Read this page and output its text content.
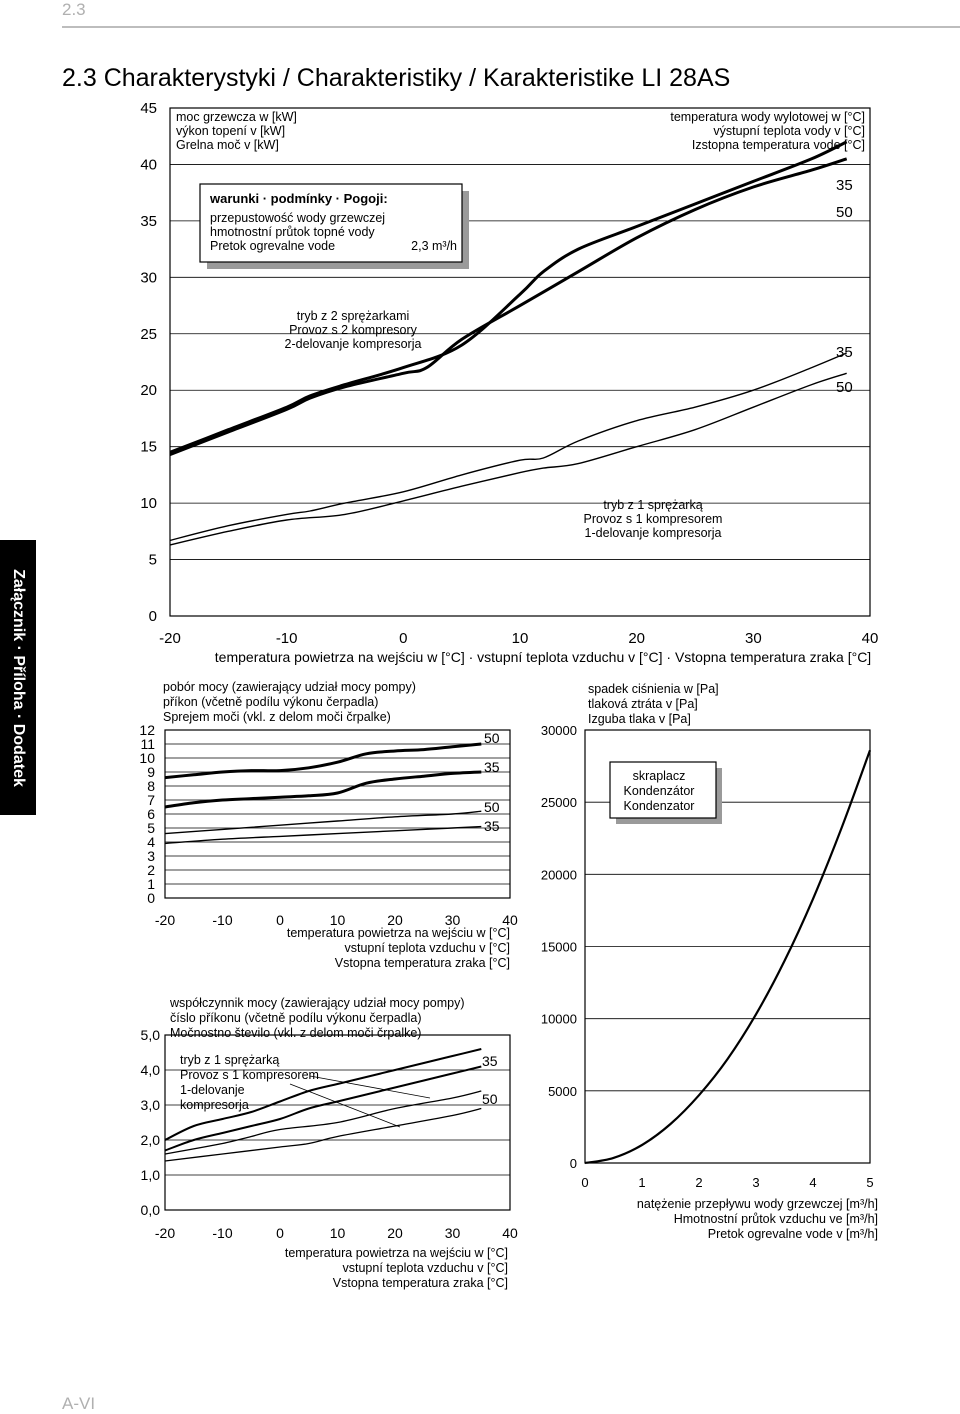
2.3
2.3 Charakterystyki / Charakteristiky / Karakteristike LI 28AS
Załącznik · Příloha · Dodatek
A-VI
0
5
10
15
20
25
30
35
40
45
-20	-10	0	10	20	30	40
35
50
35
50
moc grzewcza w [kW]
výkon topení v [kW]
Grelna moč v [kW]
temperatura wody wylotowej w [°C]
výstupní teplota vody v [°C]
Izstopna temperatura vode [°C]
temperatura powietrza na wejściu w [°C] · vstupní teplota vzduchu v [°C] · Vstopna temperatura zraka [°C]
warunki · podmínky · Pogoji:
przepustowość wody grzewczej
hmotnostní průtok topné vody
Pretok ogrevalne vode	2,3 m³/h
tryb z 2 sprężarkami
Provoz s 2 kompresory
2-delovanje kompresorja
tryb z 1 sprężarką
Provoz s 1 kompresorem
1-delovanje kompresorja
0
1
2
3
4
5
6
7
8
9
10
11
12
-20	-10	0	10	20	30	40
50
35
50
35
pobór mocy (zawierający udział mocy pompy)
příkon (včetně podílu výkonu čerpadla)
Sprejem moči (vkl. z delom moči črpalke)
temperatura powietrza na wejściu w [°C]
vstupní teplota vzduchu v [°C]
Vstopna temperatura zraka [°C]
0,0
1,0
2,0
3,0
4,0
5,0
-20	-10	0	10	20	30	40
35
50
współczynnik mocy (zawierający udział mocy pompy)
číslo příkonu (včetně podílu výkonu čerpadla)
Močnostno število (vkl. z delom moči črpalke)
temperatura powietrza na wejściu w [°C]
vstupní teplota vzduchu v [°C]
Vstopna temperatura zraka [°C]
tryb z 1 sprężarką
Provoz s 1 kompresorem
1-delovanje
kompresorja
0
5000
10000
15000
20000
25000
30000
0	1	2	3	4	5
spadek ciśnienia w [Pa]
tlaková ztráta v [Pa]
Izguba tlaka v [Pa]
natężenie przepływu wody grzewczej [m³/h]
Hmotnostní průtok vzduchu ve [m³/h]
Pretok ogrevalne vode v [m³/h]
skraplacz
Kondenzátor
Kondenzator
